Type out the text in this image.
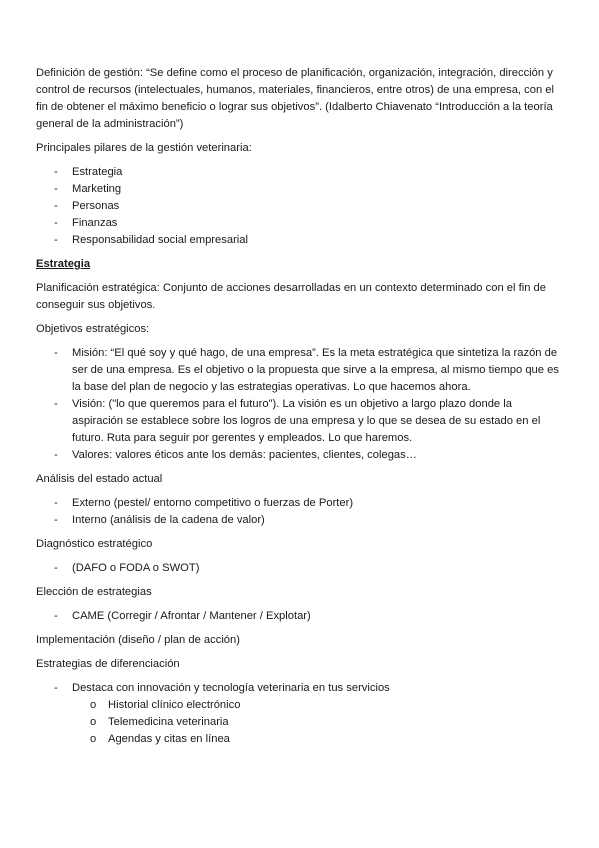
Definición de gestión: “Se define como el proceso de planificación, organización, integración, dirección y control de recursos (intelectuales, humanos, materiales, financieros, entre otros) de una empresa, con el fin de obtener el máximo beneficio o lograr sus objetivos”. (Idalberto Chiavenato “Introducción a la teoría general de la administración”)

Principales pilares de la gestión veterinaria:

- Estrategia
- Marketing
- Personas
- Finanzas
- Responsabilidad social empresarial

Estrategia

Planificación estratégica: Conjunto de acciones desarrolladas en un contexto determinado con el fin de conseguir sus objetivos.

Objetivos estratégicos:

- Misión: “El qué soy y qué hago, de una empresa”. Es la meta estratégica que sintetiza la razón de ser de una empresa. Es el objetivo o la propuesta que sirve a la empresa, al mismo tiempo que es la base del plan de negocio y las estrategias operativas. Lo que hacemos ahora.
- Visión: ("lo que queremos para el futuro"). La visión es un objetivo a largo plazo donde la aspiración se establece sobre los logros de una empresa y lo que se desea de su estado en el futuro. Ruta para seguir por gerentes y empleados. Lo que haremos.
- Valores: valores éticos ante los demás: pacientes, clientes, colegas…

Análisis del estado actual

- Externo (pestel/ entorno competitivo o fuerzas de Porter)
- Interno (análisis de la cadena de valor)

Diagnóstico estratégico

- (DAFO o FODA o SWOT)

Elección de estrategias

- CAME (Corregir / Afrontar / Mantener / Explotar)

Implementación (diseño / plan de acción)

Estrategias de diferenciación

- Destaca con innovación y tecnología veterinaria en tus servicios
o Historial clínico electrónico
o Telemedicina veterinaria
o Agendas y citas en línea
